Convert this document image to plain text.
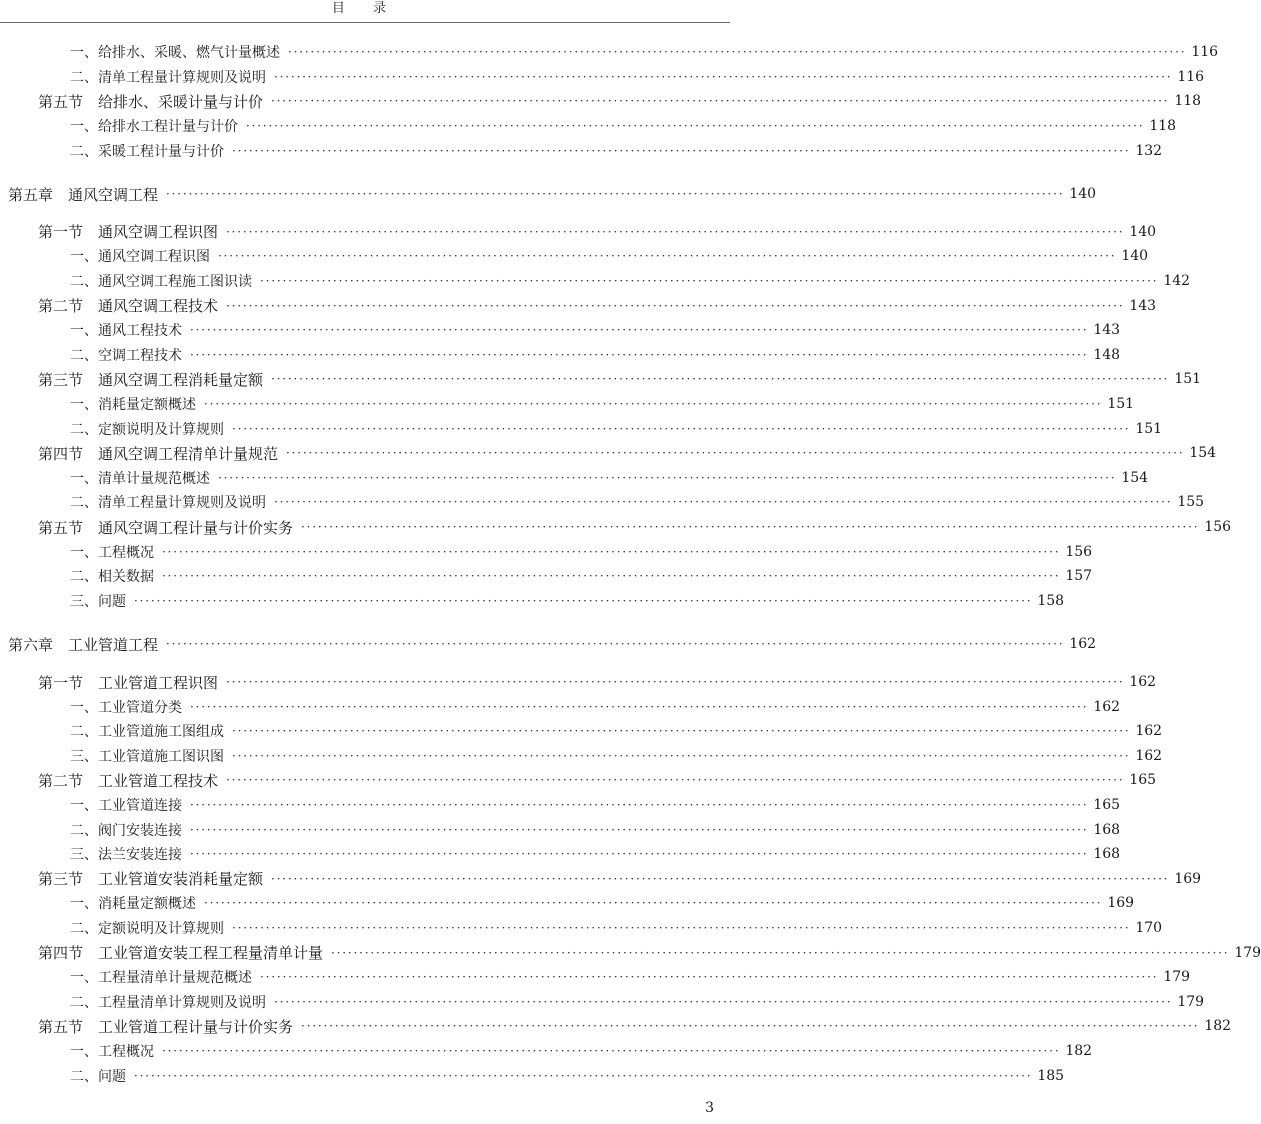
目 录
一、给排水、采暖、燃气计量概述 ································································································································································ 116
二、清单工程量计算规则及说明 ································································································································································ 116
第五节　给排水、采暖计量与计价 ································································································································································ 118
一、给排水工程计量与计价 ································································································································································ 118
二、采暖工程计量与计价 ································································································································································ 132
第五章　通风空调工程 ································································································································································ 140
第一节　通风空调工程识图 ································································································································································ 140
一、通风空调工程识图 ································································································································································ 140
二、通风空调工程施工图识读 ································································································································································ 142
第二节　通风空调工程技术 ································································································································································ 143
一、通风工程技术 ································································································································································ 143
二、空调工程技术 ································································································································································ 148
第三节　通风空调工程消耗量定额 ································································································································································ 151
一、消耗量定额概述 ································································································································································ 151
二、定额说明及计算规则 ································································································································································ 151
第四节　通风空调工程清单计量规范 ································································································································································ 154
一、清单计量规范概述 ································································································································································ 154
二、清单工程量计算规则及说明 ································································································································································ 155
第五节　通风空调工程计量与计价实务 ································································································································································ 156
一、工程概况 ································································································································································ 156
二、相关数据 ································································································································································ 157
三、问题 ································································································································································ 158
第六章　工业管道工程 ································································································································································ 162
第一节　工业管道工程识图 ································································································································································ 162
一、工业管道分类 ································································································································································ 162
二、工业管道施工图组成 ································································································································································ 162
三、工业管道施工图识图 ································································································································································ 162
第二节　工业管道工程技术 ································································································································································ 165
一、工业管道连接 ································································································································································ 165
二、阀门安装连接 ································································································································································ 168
三、法兰安装连接 ································································································································································ 168
第三节　工业管道安装消耗量定额 ································································································································································ 169
一、消耗量定额概述 ································································································································································ 169
二、定额说明及计算规则 ································································································································································ 170
第四节　工业管道安装工程工程量清单计量 ································································································································································ 179
一、工程量清单计量规范概述 ································································································································································ 179
二、工程量清单计算规则及说明 ································································································································································ 179
第五节　工业管道工程计量与计价实务 ································································································································································ 182
一、工程概况 ································································································································································ 182
二、问题 ································································································································································ 185
3
